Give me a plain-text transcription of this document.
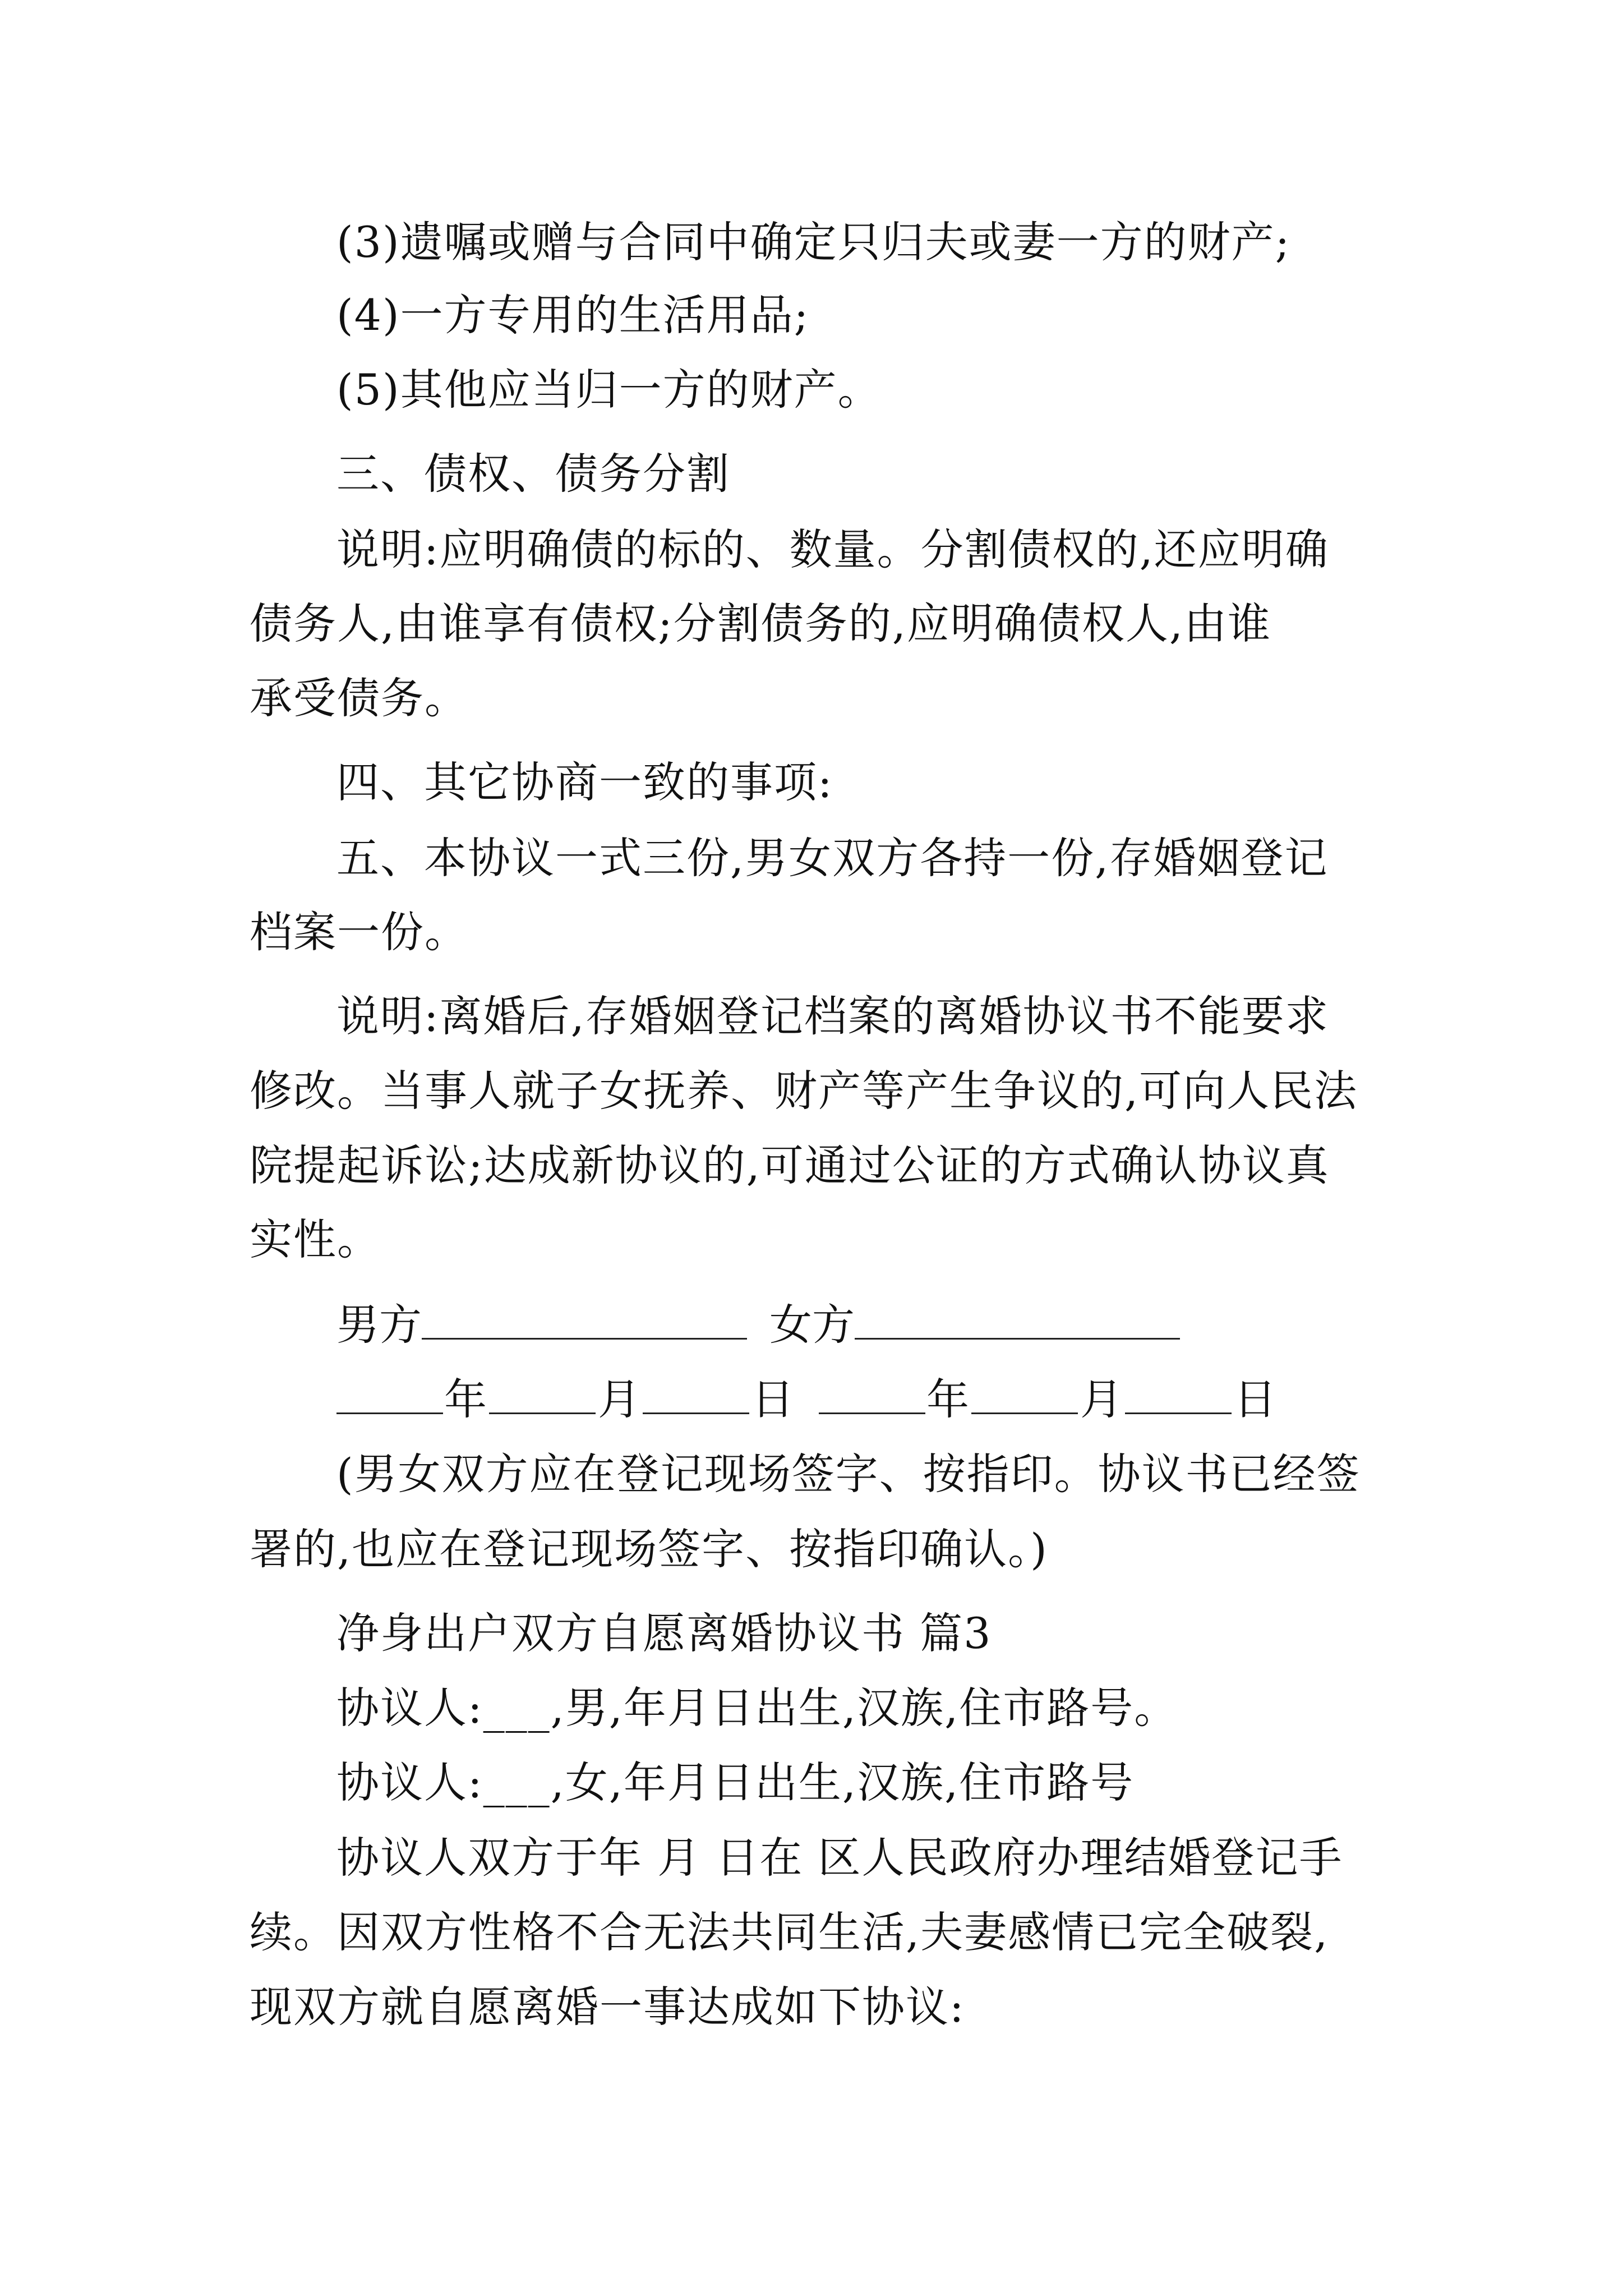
(3)遗嘱或赠与合同中确定只归夫或妻一方的财产;
(4)一方专用的生活用品;
(5)其他应当归一方的财产。
三、债权、债务分割
说明:应明确债的标的、数量。分割债权的,还应明确
债务人,由谁享有债权;分割债务的,应明确债权人,由谁
承受债务。
四、其它协商一致的事项:
五、本协议一式三份,男女双方各持一份,存婚姻登记
档案一份。
说明:离婚后,存婚姻登记档案的离婚协议书不能要求
修改。当事人就子女抚养、财产等产生争议的,可向人民法
院提起诉讼;达成新协议的,可通过公证的方式确认协议真
实性。
男方	女方
年	月	日	年	月	日
(男女双方应在登记现场签字、按指印。协议书已经签
署的,也应在登记现场签字、按指印确认。)
净身出户双方自愿离婚协议书 篇3
协议人:___,男,年月日出生,汉族,住市路号。
协议人:___,女,年月日出生,汉族,住市路号
协议人双方于年 月 日在 区人民政府办理结婚登记手
续。因双方性格不合无法共同生活,夫妻感情已完全破裂,
现双方就自愿离婚一事达成如下协议:
